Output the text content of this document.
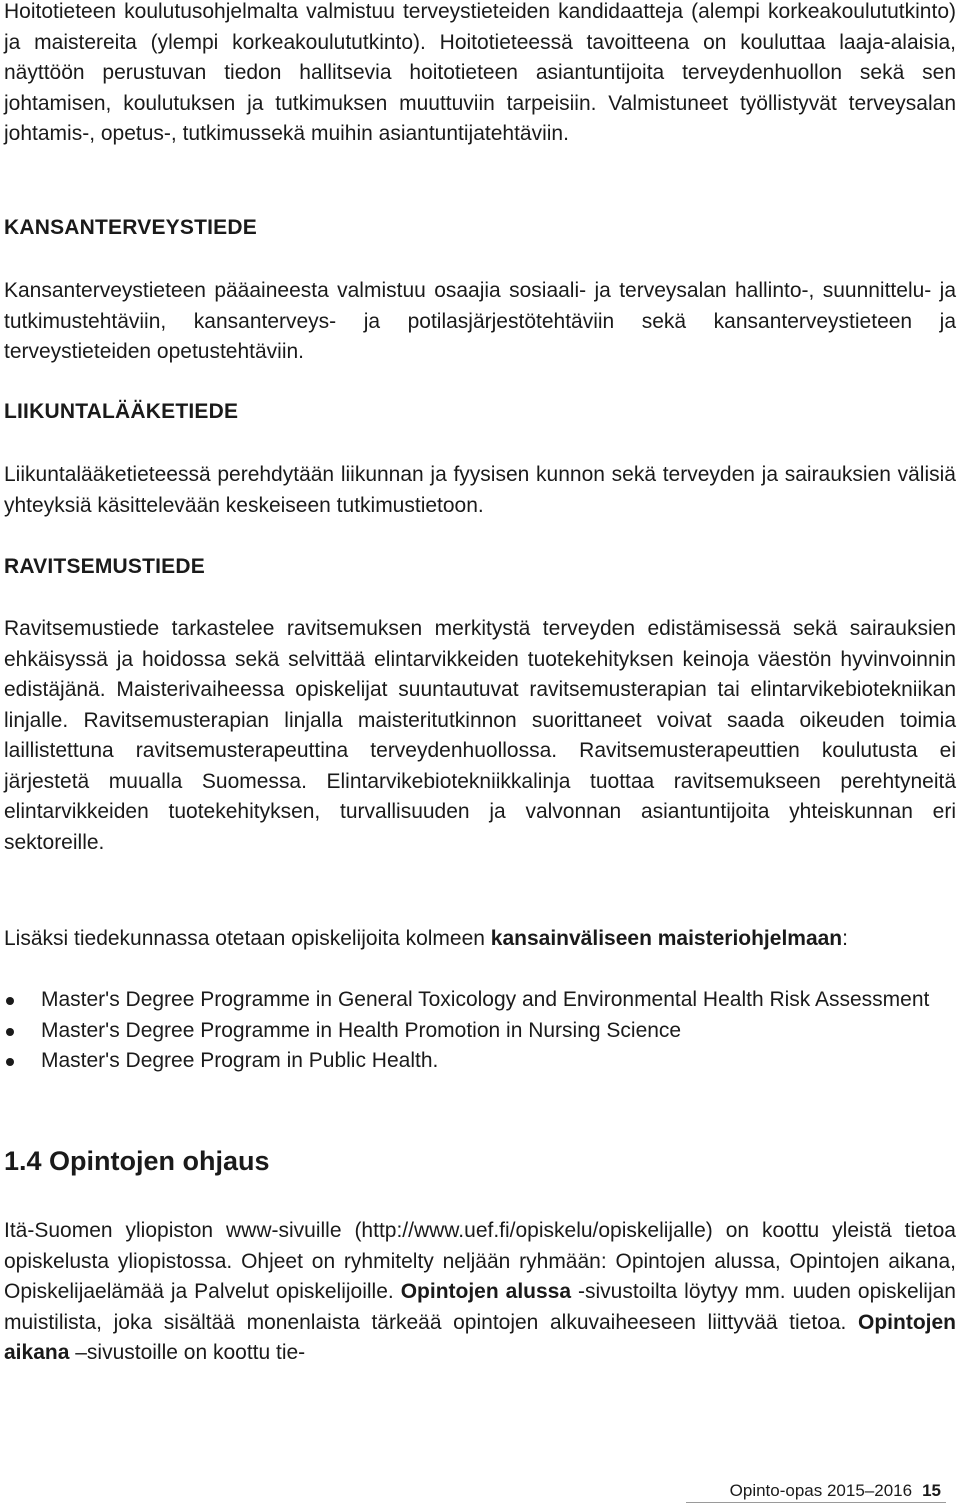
Hoitotieteen koulutusohjelmalta valmistuu terveystieteiden kandidaatteja (alempi korkeakoulututkinto) ja maistereita (ylempi korkeakoulututkinto). Hoitotieteessä tavoitteena on kouluttaa laaja-alaisia, näyttöön perustuvan tiedon hallitsevia hoitotieteen asiantuntijoita terveydenhuollon sekä sen johtamisen, koulutuksen ja tutkimuksen muuttuviin tarpeisiin. Valmistuneet työllistyvät terveysalan johtamis-, opetus-, tutkimussekä muihin asiantuntijatehtäviin.

KANSANTERVEYSTIEDE

Kansanterveystieteen pääaineesta valmistuu osaajia sosiaali- ja terveysalan hallinto-, suunnittelu- ja tutkimustehtäviin, kansanterveys- ja potilasjärjestötehtäviin sekä kansanterveystieteen ja terveystieteiden opetustehtäviin.

LIIKUNTALÄÄKETIEDE

Liikuntalääketieteessä perehdytään liikunnan ja fyysisen kunnon sekä terveyden ja sairauksien välisiä yhteyksiä käsittelevään keskeiseen tutkimustietoon.

RAVITSEMUSTIEDE

Ravitsemustiede tarkastelee ravitsemuksen merkitystä terveyden edistämisessä sekä sairauksien ehkäisyssä ja hoidossa sekä selvittää elintarvikkeiden tuotekehityksen keinoja väestön hyvinvoinnin edistäjänä. Maisterivaiheessa opiskelijat suuntautuvat ravitsemusterapian tai elintarvikebiotekniikan linjalle. Ravitsemusterapian linjalla maisteritutkinnon suorittaneet voivat saada oikeuden toimia laillistettuna ravitsemusterapeuttina terveydenhuollossa. Ravitsemusterapeuttien koulutusta ei järjestetä muualla Suomessa. Elintarvikebiotekniikkalinja tuottaa ravitsemukseen perehtyneitä elintarvikkeiden tuotekehityksen, turvallisuuden ja valvonnan asiantuntijoita yhteiskunnan eri sektoreille.

Lisäksi tiedekunnassa otetaan opiskelijoita kolmeen kansainväliseen maisteriohjelmaan:

Master's Degree Programme in General Toxicology and Environmental Health Risk Assessment
Master's Degree Programme in Health Promotion in Nursing Science
Master's Degree Program in Public Health.
1.4 Opintojen ohjaus

Itä-Suomen yliopiston www-sivuille (http://www.uef.fi/opiskelu/opiskelijalle) on koottu yleistä tietoa opiskelusta yliopistossa. Ohjeet on ryhmitelty neljään ryhmään: Opintojen alussa, Opintojen aikana, Opiskelijaelämää ja Palvelut opiskelijoille. Opintojen alussa -sivustoilta löytyy mm. uuden opiskelijan muistilista, joka sisältää monenlaista tärkeää opintojen alkuvaiheeseen liittyvää tietoa. Opintojen aikana –sivustoille on koottu tie-

Opinto-opas 2015–2016 15
